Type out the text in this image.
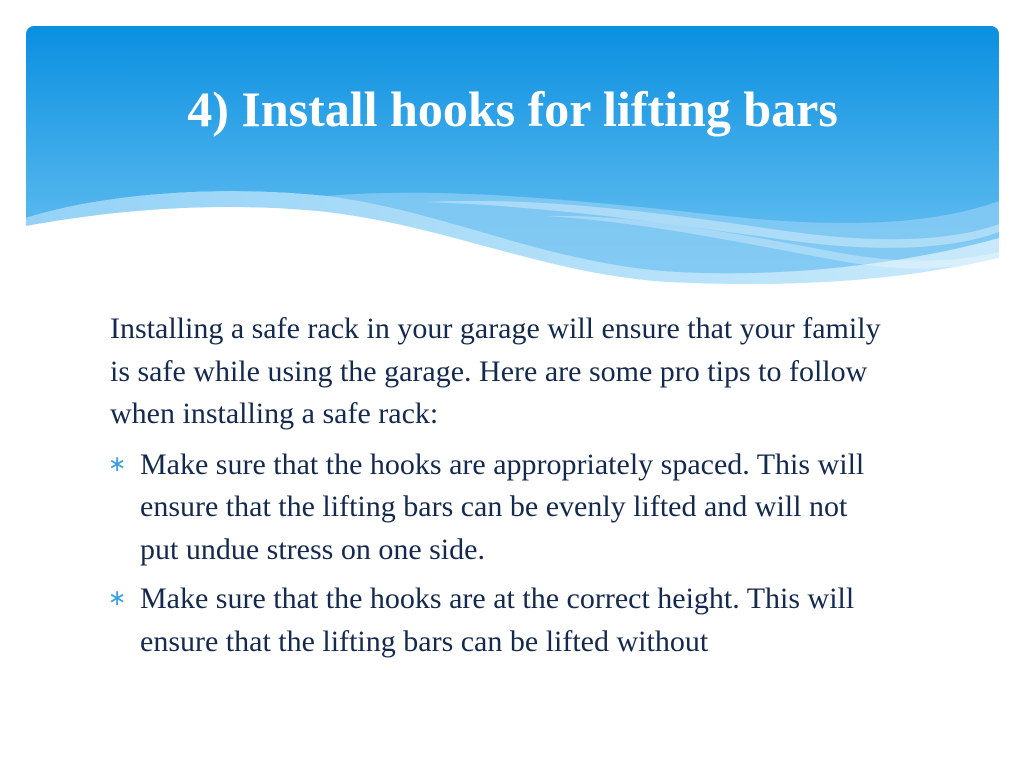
4) Install hooks for lifting bars

Installing a safe rack in your garage will ensure that your family is safe while using the garage. Here are some pro tips to follow when installing a safe rack:

∗ Make sure that the hooks are appropriately spaced. This will ensure that the lifting bars can be evenly lifted and will not put undue stress on one side.
∗ Make sure that the hooks are at the correct height. This will ensure that the lifting bars can be lifted without
